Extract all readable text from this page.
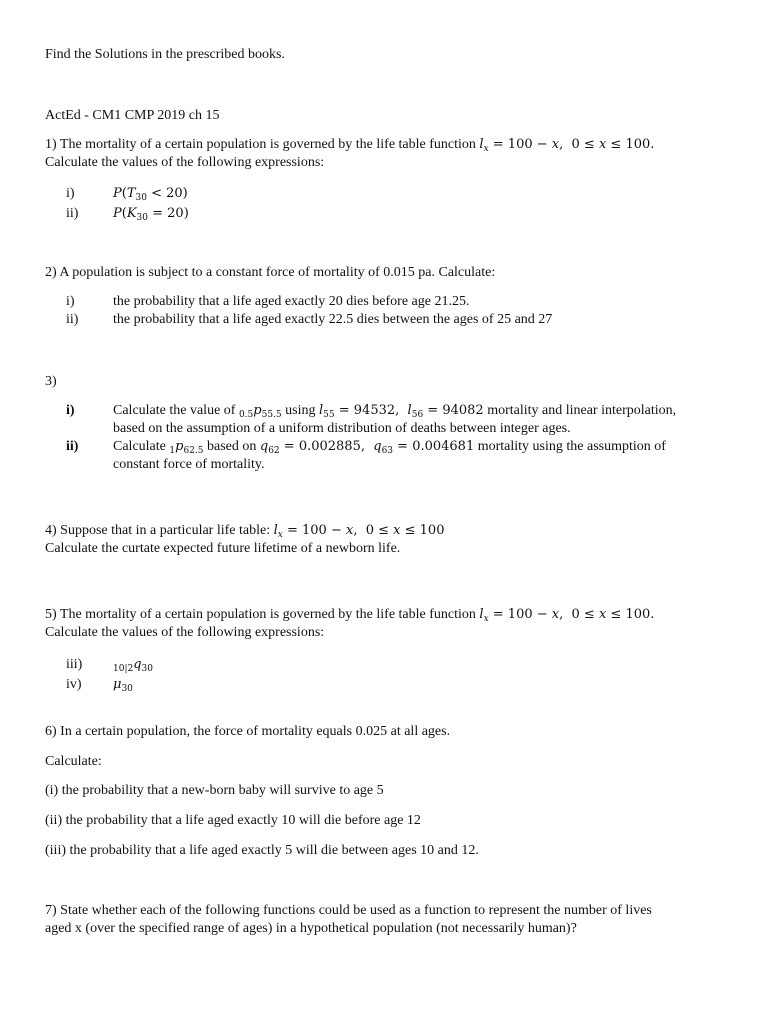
Find the Solutions in the prescribed books.
ActEd - CM1 CMP 2019 ch 15
1) The mortality of a certain population is governed by the life table function $l_x = 100 - x$,  0 ≤ x ≤ 100.
Calculate the values of the following expressions:
i)	$P(T_{30} < 20)$
ii)	$P(K_{30} = 20)$
2) A population is subject to a constant force of mortality of 0.015 pa. Calculate:
i)	the probability that a life aged exactly 20 dies before age 21.25.
ii)	the probability that a life aged exactly 22.5 dies between the ages of 25 and 27
3)
i)	Calculate the value of $_{0.5}p_{55.5}$ using $l_{55} = 94532$,  $l_{56} = 94082$ mortality and linear interpolation,
based on the assumption of a uniform distribution of deaths between integer ages.
ii)	Calculate $_1p_{62.5}$ based on $q_{62} = 0.002885$,  $q_{63} = 0.004681$ mortality using the assumption of
constant force of mortality.
4) Suppose that in a particular life table: $l_x = 100 - x$,  0 ≤ x ≤ 100
Calculate the curtate expected future lifetime of a newborn life.
5) The mortality of a certain population is governed by the life table function $l_x = 100 - x$,  0 ≤ x ≤ 100.
Calculate the values of the following expressions:
iii)	$_{10|2}q_{30}$
iv)	$\mu_{30}$
6) In a certain population, the force of mortality equals 0.025 at all ages.
Calculate:
(i) the probability that a new-born baby will survive to age 5
(ii) the probability that a life aged exactly 10 will die before age 12
(iii) the probability that a life aged exactly 5 will die between ages 10 and 12.
7) State whether each of the following functions could be used as a function to represent the number of lives
aged x (over the specified range of ages) in a hypothetical population (not necessarily human)?
